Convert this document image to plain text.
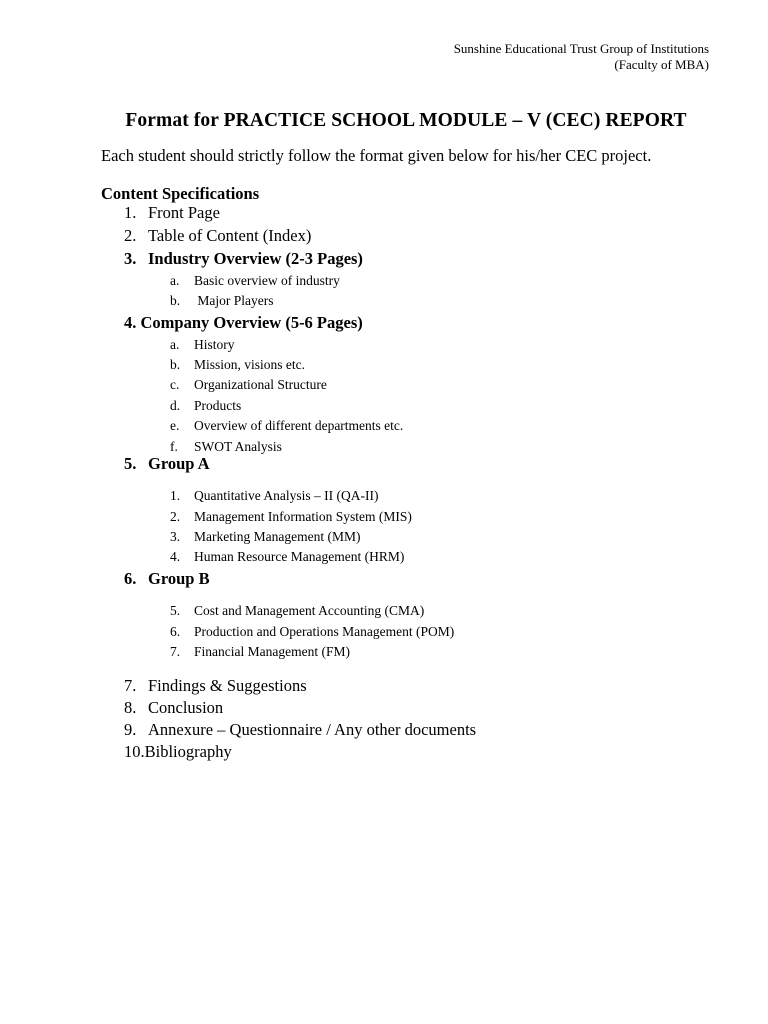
Sunshine Educational Trust Group of Institutions
(Faculty of MBA)
Format for PRACTICE SCHOOL MODULE – V (CEC) REPORT
Each student should strictly follow the format given below for his/her CEC project.
Content Specifications
1. Front Page
2. Table of Content (Index)
3. Industry Overview (2-3 Pages)
a. Basic overview of industry
b. Major Players
4. Company Overview (5-6 Pages)
a. History
b. Mission, visions etc.
c. Organizational Structure
d. Products
e. Overview of different departments etc.
f. SWOT Analysis
5. Group A
1. Quantitative Analysis – II (QA-II)
2. Management Information System (MIS)
3. Marketing Management (MM)
4. Human Resource Management (HRM)
6. Group B
5. Cost and Management Accounting (CMA)
6. Production and Operations Management (POM)
7. Financial Management (FM)
7. Findings & Suggestions
8. Conclusion
9. Annexure – Questionnaire / Any other documents
10.Bibliography
